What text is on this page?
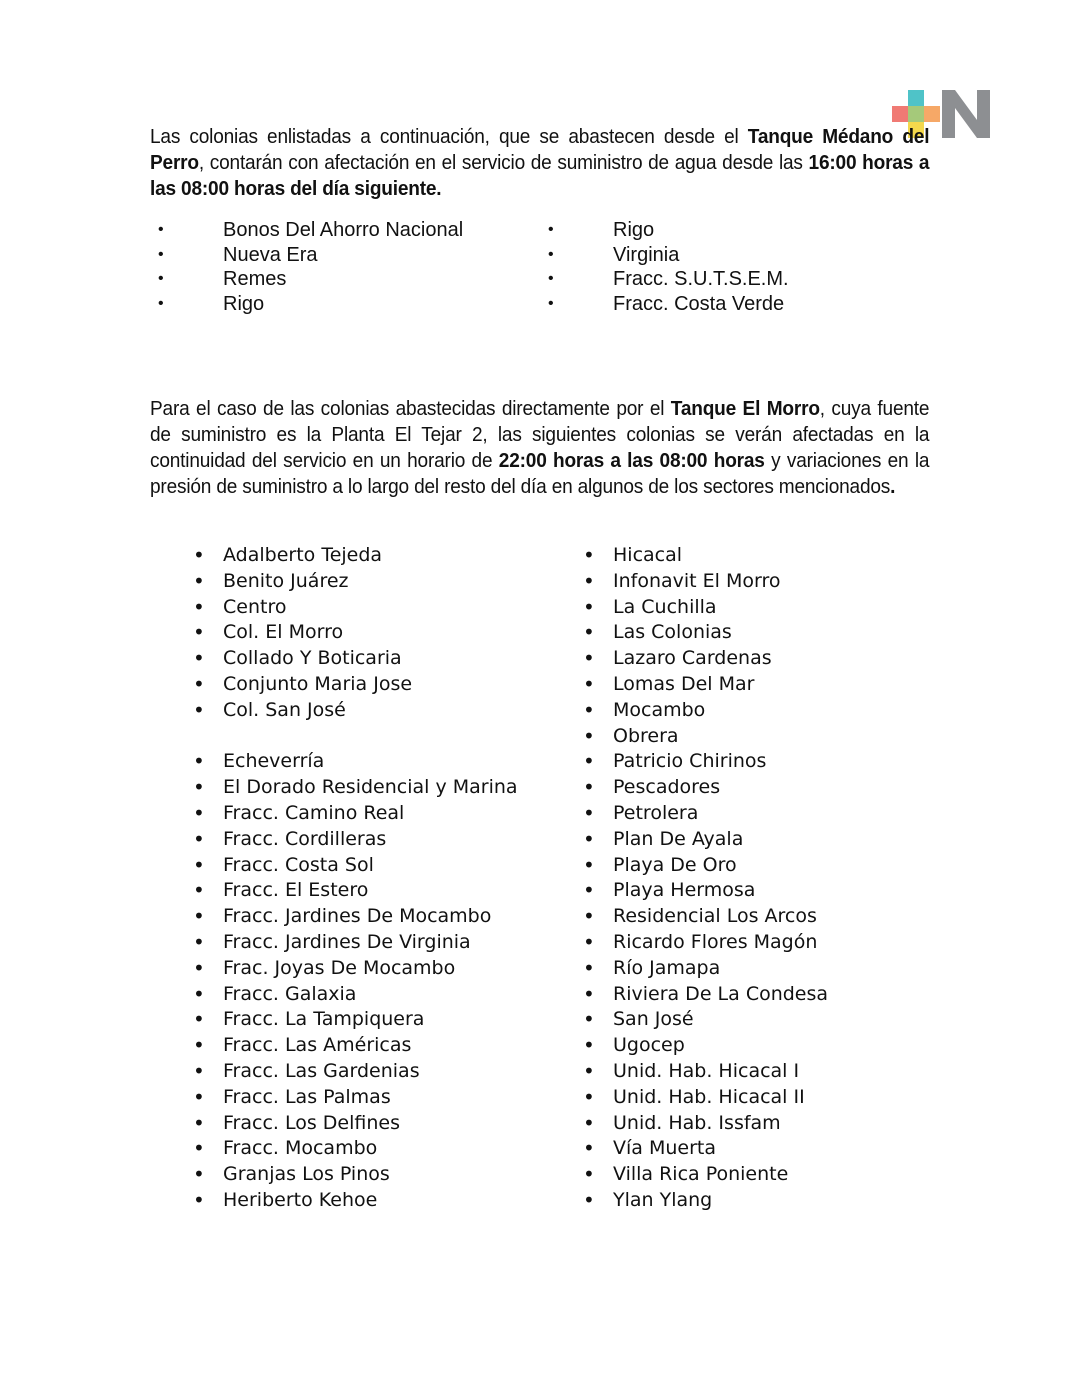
Las colonias enlistadas a continuación, que se abastecen desde el Tanque Médano del Perro, contarán con afectación en el servicio de suministro de agua desde las 16:00 horas a las 08:00 horas del día siguiente.

•	Bonos Del Ahorro Nacional
•	Nueva Era
•	Remes
•	Rigo
•	Rigo
•	Virginia
•	Fracc. S.U.T.S.E.M.
•	Fracc. Costa Verde

Para el caso de las colonias abastecidas directamente por el Tanque El Morro, cuya fuente de suministro es la Planta El Tejar 2, las siguientes colonias se verán afectadas en la continuidad del servicio en un horario de 22:00 horas a las 08:00 horas y variaciones en la presión de suministro a lo largo del resto del día en algunos de los sectores mencionados.

• Adalberto Tejeda
• Benito Juárez
• Centro
• Col. El Morro
• Collado Y Boticaria
• Conjunto Maria Jose
• Col. San José
• Echeverría
• El Dorado Residencial y Marina
• Fracc. Camino Real
• Fracc. Cordilleras
• Fracc. Costa Sol
• Fracc. El Estero
• Fracc. Jardines De Mocambo
• Fracc. Jardines De Virginia
• Frac. Joyas De Mocambo
• Fracc. Galaxia
• Fracc. La Tampiquera
• Fracc. Las Américas
• Fracc. Las Gardenias
• Fracc. Las Palmas
• Fracc. Los Delfines
• Fracc. Mocambo
• Granjas Los Pinos
• Heriberto Kehoe
• Hicacal
• Infonavit El Morro
• La Cuchilla
• Las Colonias
• Lazaro Cardenas
• Lomas Del Mar
• Mocambo
• Obrera
• Patricio Chirinos
• Pescadores
• Petrolera
• Plan De Ayala
• Playa De Oro
• Playa Hermosa
• Residencial Los Arcos
• Ricardo Flores Magón
• Río Jamapa
• Riviera De La Condesa
• San José
• Ugocep
• Unid. Hab. Hicacal I
• Unid. Hab. Hicacal II
• Unid. Hab. Issfam
• Vía Muerta
• Villa Rica Poniente
• Ylan Ylang
